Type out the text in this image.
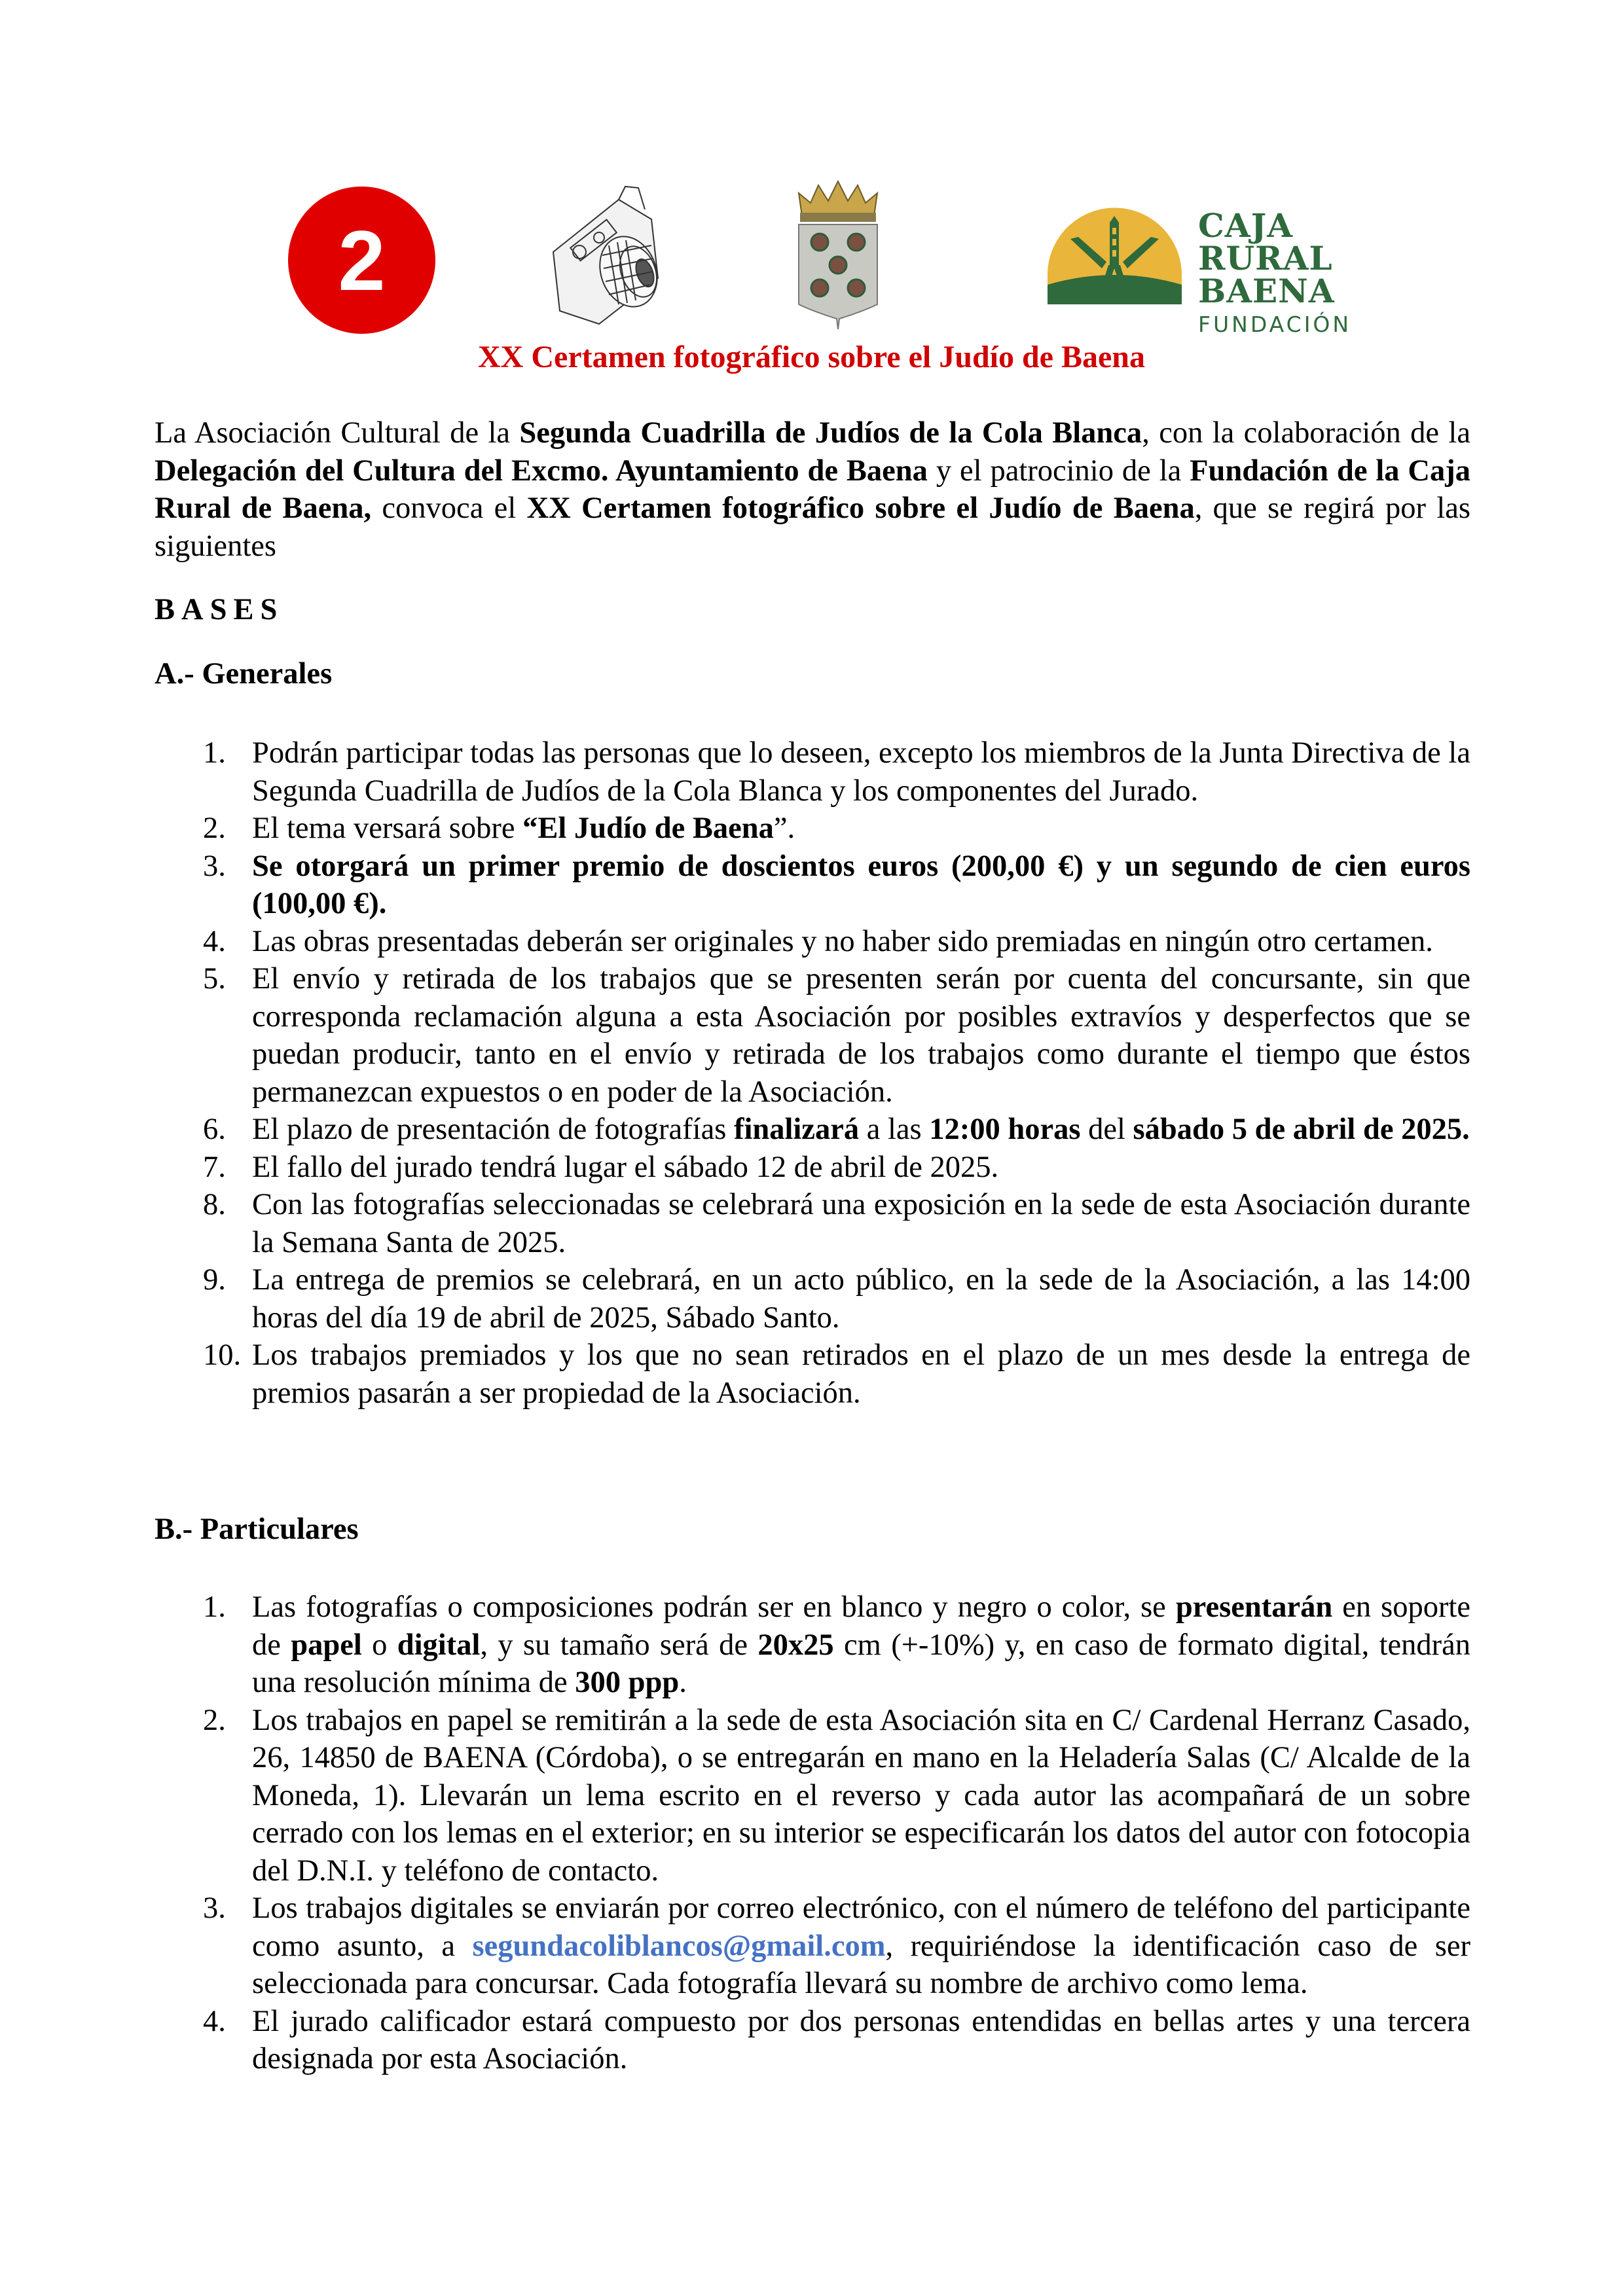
2	CAJA RURAL
BAENA
FUNDACIÓN
XX Certamen fotográfico sobre el Judío de Baena

La Asociación Cultural de la Segunda Cuadrilla de Judíos de la Cola Blanca, con la colaboración de la Delegación del Cultura del Excmo. Ayuntamiento de Baena y el patrocinio de la Fundación de la Caja Rural de Baena, convoca el XX Certamen fotográfico sobre el Judío de Baena, que se regirá por las siguientes

BASES
A.- Generales
1. Podrán participar todas las personas que lo deseen, excepto los miembros de la Junta Directiva de la Segunda Cuadrilla de Judíos de la Cola Blanca y los componentes del Jurado.
2. El tema versará sobre “El Judío de Baena”.
3. Se otorgará un primer premio de doscientos euros (200,00 €) y un segundo de cien euros (100,00 €).
4. Las obras presentadas deberán ser originales y no haber sido premiadas en ningún otro certamen.
5. El envío y retirada de los trabajos que se presenten serán por cuenta del concursante, sin que corresponda reclamación alguna a esta Asociación por posibles extravíos y desperfectos que se puedan producir, tanto en el envío y retirada de los trabajos como durante el tiempo que éstos permanezcan expuestos o en poder de la Asociación.
6. El plazo de presentación de fotografías finalizará a las 12:00 horas del sábado 5 de abril de 2025.
7. El fallo del jurado tendrá lugar el sábado 12 de abril de 2025.
8. Con las fotografías seleccionadas se celebrará una exposición en la sede de esta Asociación durante la Semana Santa de 2025.
9. La entrega de premios se celebrará, en un acto público, en la sede de la Asociación, a las 14:00 horas del día 19 de abril de 2025, Sábado Santo.
10. Los trabajos premiados y los que no sean retirados en el plazo de un mes desde la entrega de premios pasarán a ser propiedad de la Asociación.
B.- Particulares
1. Las fotografías o composiciones podrán ser en blanco y negro o color, se presentarán en soporte de papel o digital, y su tamaño será de 20x25 cm (+-10%) y, en caso de formato digital, tendrán una resolución mínima de 300 ppp.
2. Los trabajos en papel se remitirán a la sede de esta Asociación sita en C/ Cardenal Herranz Casado, 26, 14850 de BAENA (Córdoba), o se entregarán en mano en la Heladería Salas (C/ Alcalde de la Moneda, 1). Llevarán un lema escrito en el reverso y cada autor las acompañará de un sobre cerrado con los lemas en el exterior; en su interior se especificarán los datos del autor con fotocopia del D.N.I. y teléfono de contacto.
3. Los trabajos digitales se enviarán por correo electrónico, con el número de teléfono del participante como asunto, a segundacoliblancos@gmail.com, requiriéndose la identificación caso de ser seleccionada para concursar. Cada fotografía llevará su nombre de archivo como lema.
4. El jurado calificador estará compuesto por dos personas entendidas en bellas artes y una tercera designada por esta Asociación.
